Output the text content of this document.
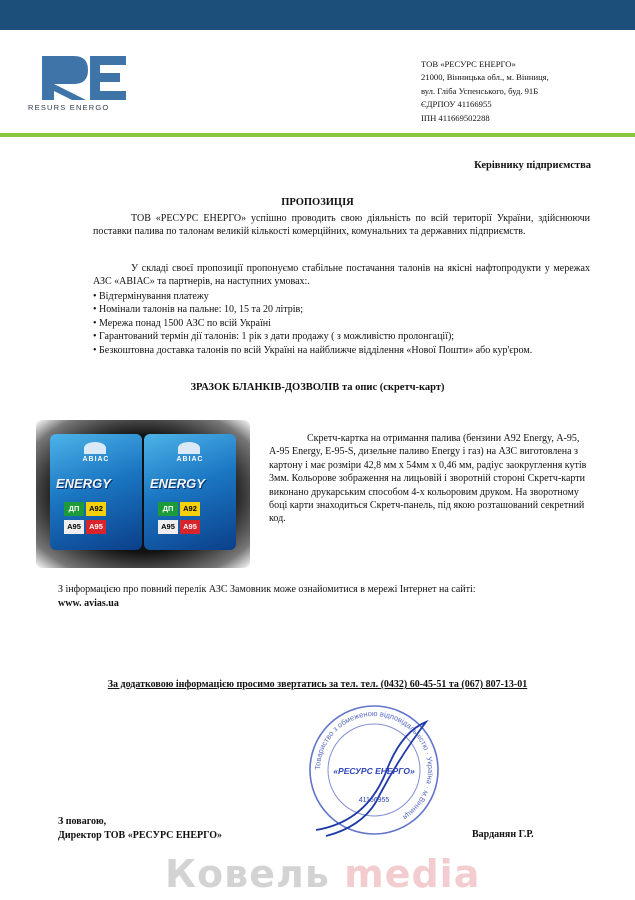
RESURS ENERGO
ТОВ «РЕСУРС ЕНЕРГО»
21000, Вінницька обл., м. Вінниця,
вул. Гліба Успенського, буд. 91Б
ЄДРПОУ 41166955
ІПН 411669502288
Керівнику підприємства
ПРОПОЗИЦІЯ

ТОВ «РЕСУРС ЕНЕРГО» успішно проводить свою діяльність по всій території України, здійснюючи поставки палива по талонам великій кількості комерційних, комунальних та державних підприємств.

У складі своєї пропозиції пропонуємо стабільне постачання талонів на якісні нафтопродукти у мережах АЗС «АВІАС» та партнерів, на наступних умовах:.

• Відтермінування платежу
• Номінали талонів на пальне: 10, 15 та 20 літрів;
• Мережа понад 1500 АЗС по всій Україні
• Гарантований термін дії талонів: 1 рік з дати продажу ( з можливістю пролонгації);
• Безкоштовна доставка талонів по всій Україні на найближче відділення «Нової Пошти» або кур'єром.
ЗРАЗОК БЛАНКІВ-ДОЗВОЛІВ та опис (скретч-карт)
АВІАС
ENERGY
ДП	А92
А95	А95
АВІАС
ENERGY
ДП	А92
А95	А95

Скретч-картка на отримання палива (бензини А92 Energy, А-95, А-95 Energy, Е-95-S, дизельне паливо Energy і газ) на АЗС виготовлена з картону і має розміри 42,8 мм х 54мм х 0,46 мм, радіус заокруглення кутів 3мм. Кольорове зображення на лицьовій і зворотній стороні Скретч-карти виконано друкарським способом 4-х кольоровим друком. На зворотному боці карти знаходиться Скретч-панель, під якою розташований секретний код.

З інформацією про повний перелік АЗС Замовник може ознайомитися в мережі Інтернет на сайті:
www. avias.ua
За додатковою інформацією просимо звертатись за тел. тел. (0432) 60-45-51 та (067) 807-13-01
Товариство з обмеженою відповідальністю · Україна · м.Вінниця
«РЕСУРС ЕНЕРГО»
41166955
З повагою,
Директор ТОВ «РЕСУРС ЕНЕРГО»	Варданян Г.Р.
Ковель media
